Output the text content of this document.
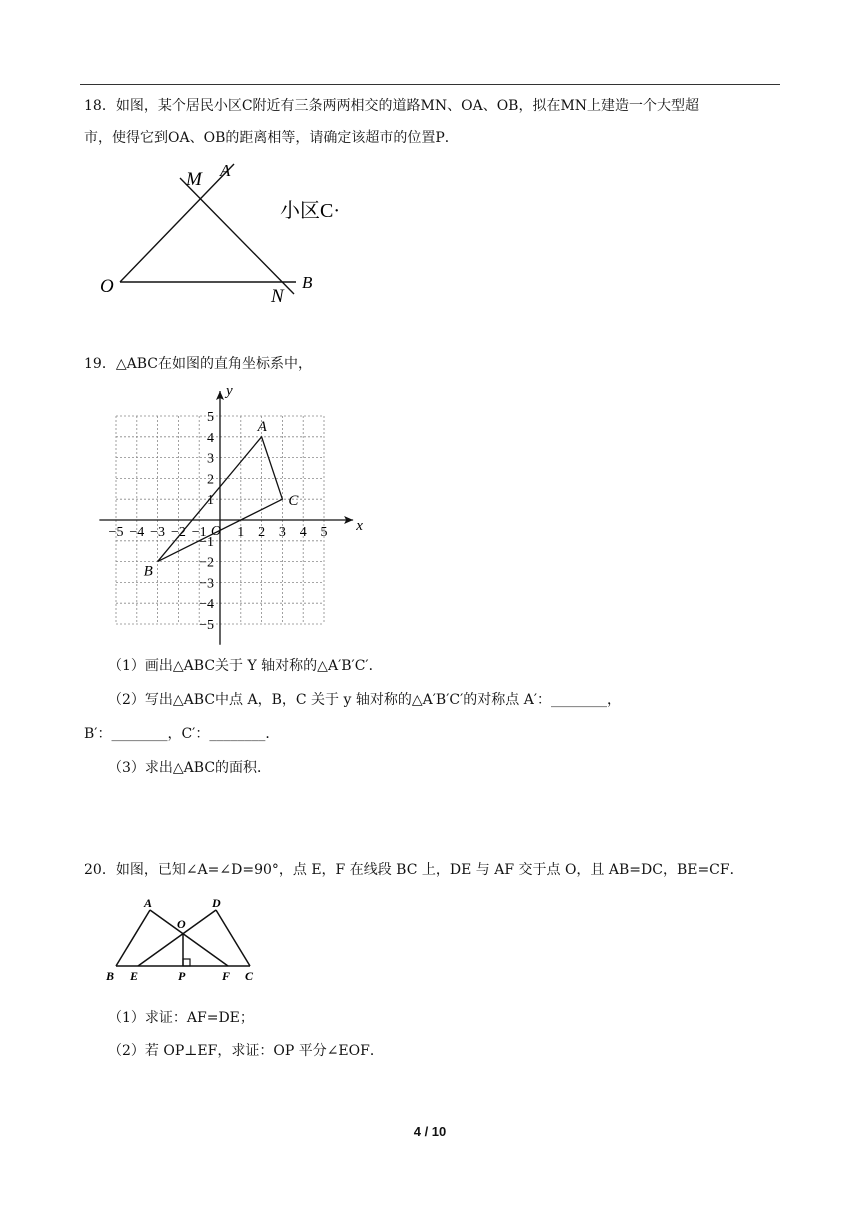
18．如图，某个居民小区C附近有三条两两相交的道路MN、OA、OB，拟在MN上建造一个大型超
市，使得它到OA、OB的距离相等，请确定该超市的位置P．
M A
O	N
B
小区C·
19．△ABC在如图的直角坐标系中，
x
y
O
−5 −4 −3 −2 −1 1 2 3 4 5
5
4
3
2
1
−1
−2
−3
−4
−5
A
B
C
（1）画出△ABC关于 Y 轴对称的△A′B′C′．
（2）写出△ABC中点 A，B，C 关于 y 轴对称的△A′B′C′的对称点 A′：________，
B′：________，C′：________．
（3）求出△ABC的面积．
20．如图，已知∠A=∠D=90°，点 E，F 在线段 BC 上，DE 与 AF 交于点 O，且 AB=DC，BE=CF．
A
O
D
B E	P	F C
（1）求证：AF=DE；
（2）若 OP⊥EF，求证：OP 平分∠EOF．
4 / 10
